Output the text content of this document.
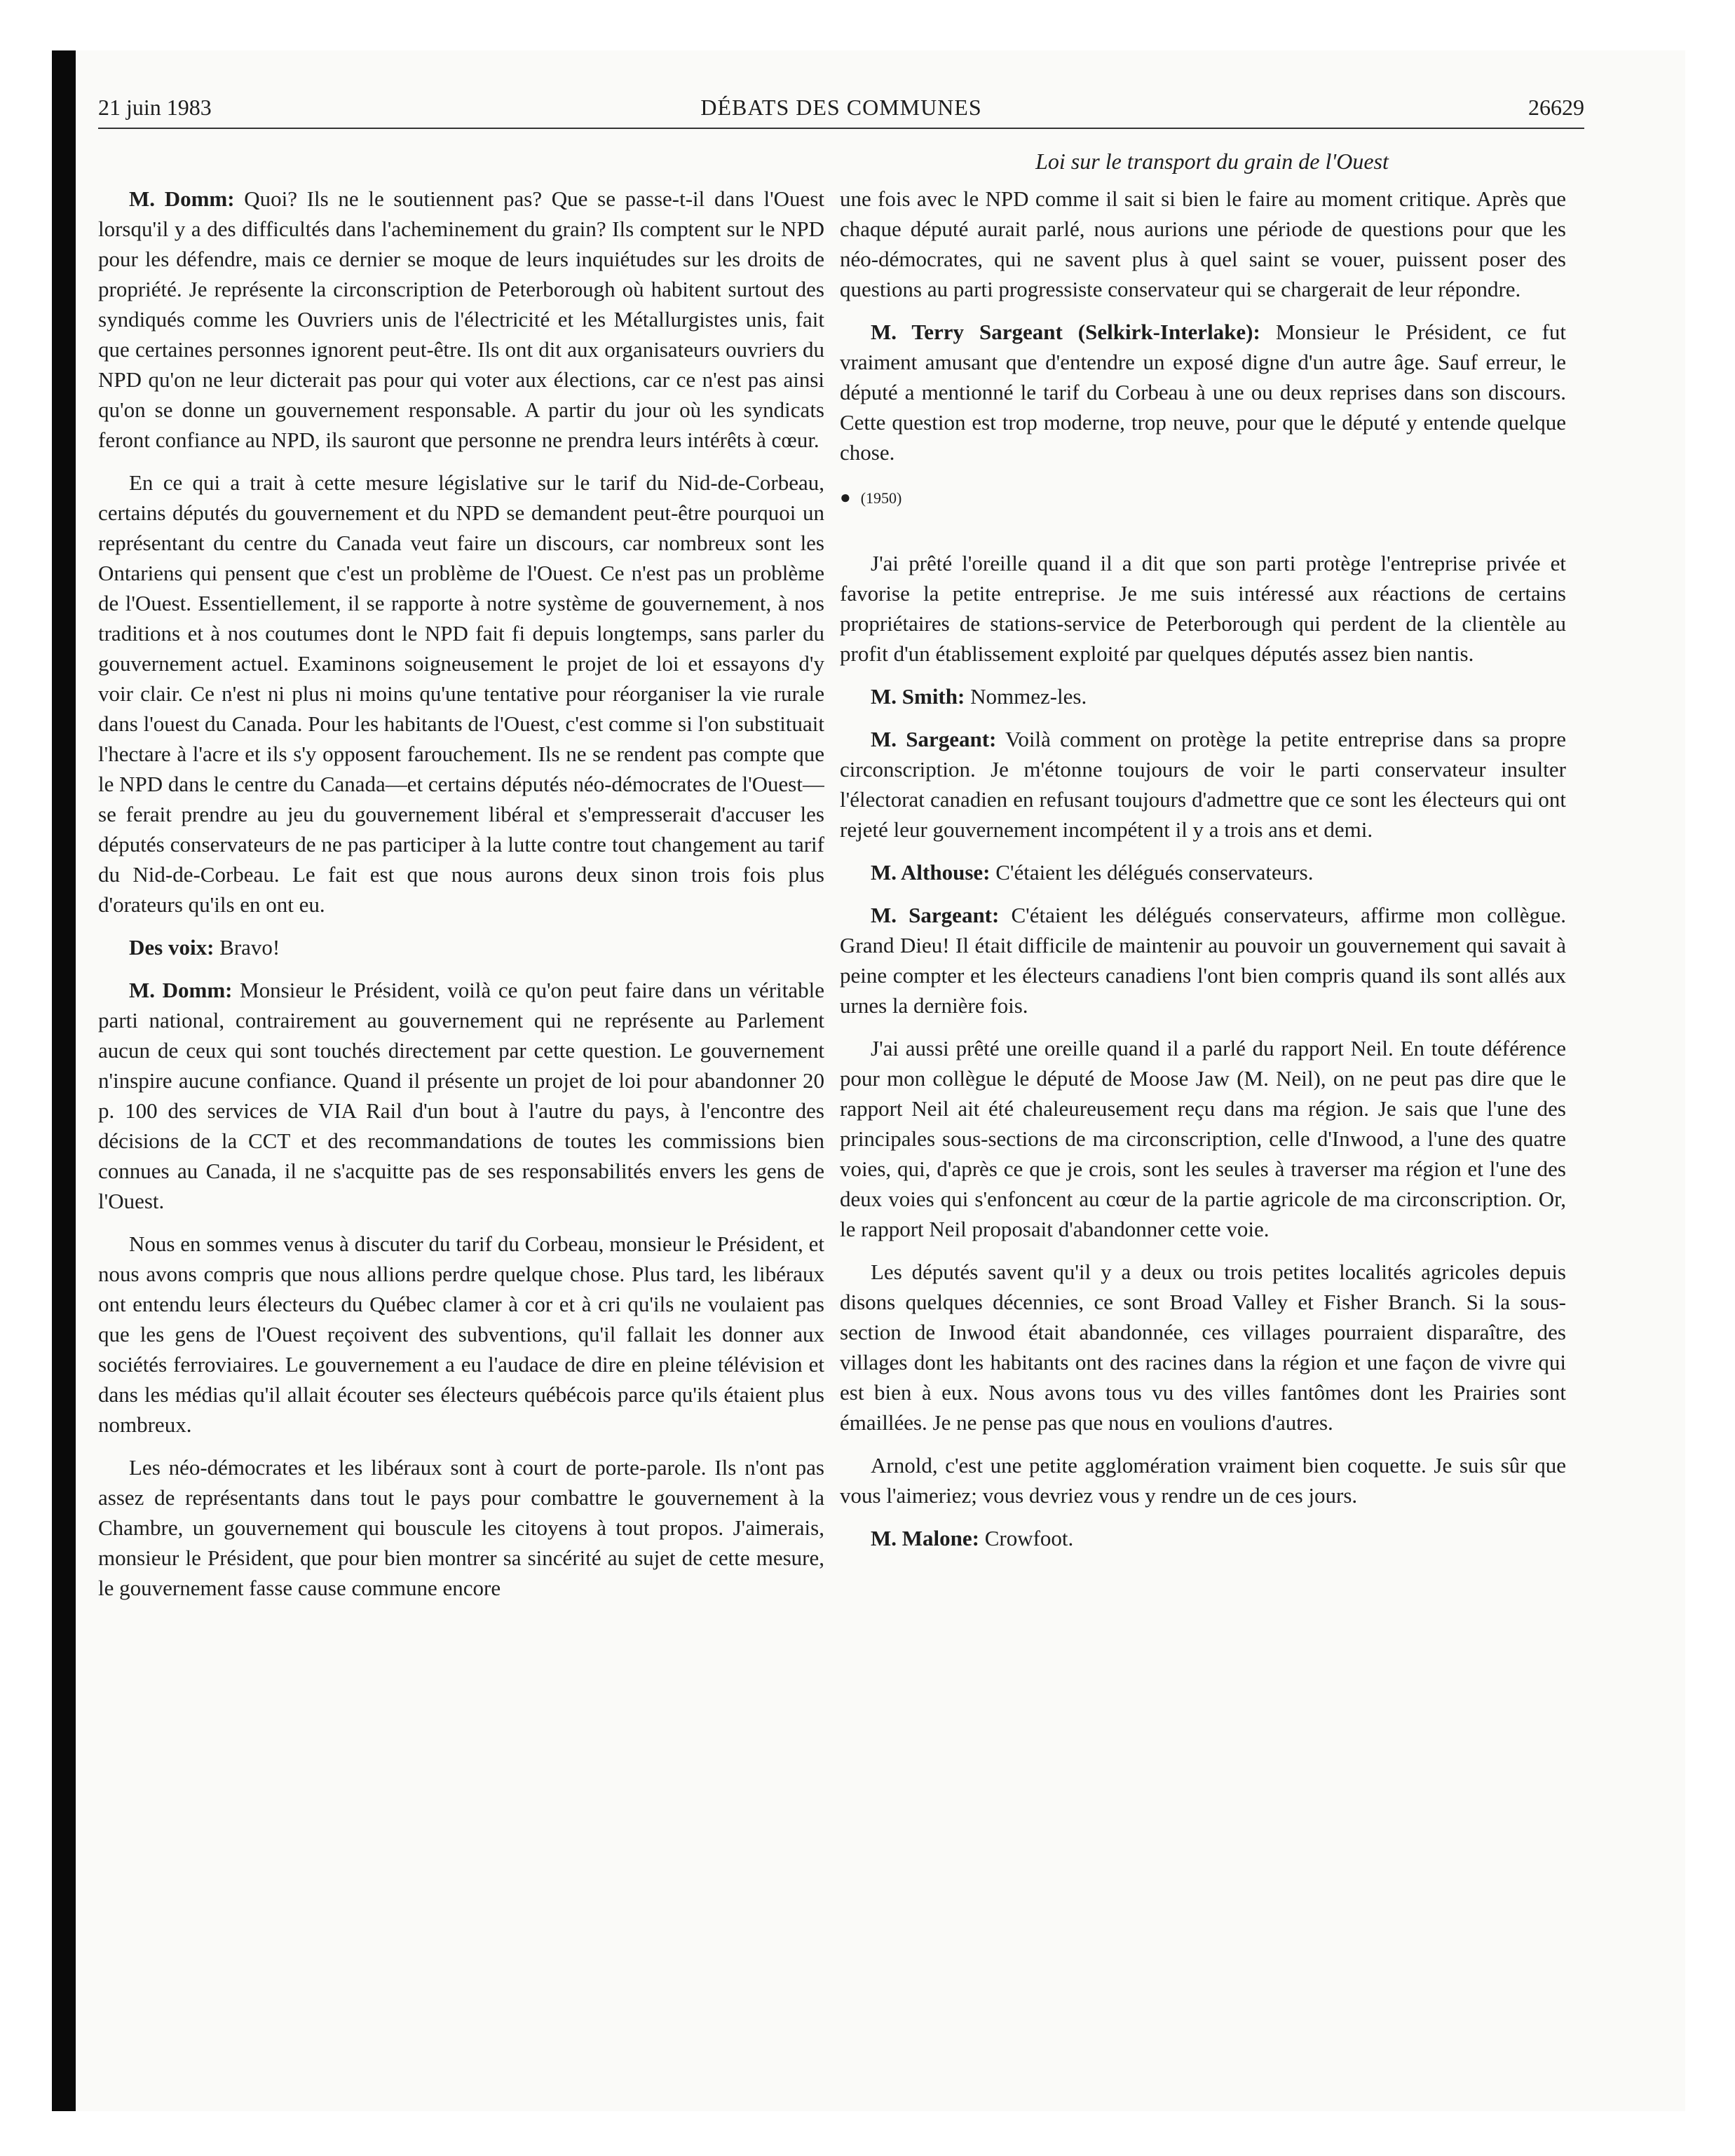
21 juin 1983	DÉBATS DES COMMUNES	26629
Loi sur le transport du grain de l'Ouest

M. Domm: Quoi? Ils ne le soutiennent pas? Que se passe-t-il dans l'Ouest lorsqu'il y a des difficultés dans l'acheminement du grain? Ils comptent sur le NPD pour les défendre, mais ce dernier se moque de leurs inquiétudes sur les droits de propriété. Je représente la circonscription de Peterborough où habitent surtout des syndiqués comme les Ouvriers unis de l'électricité et les Métallurgistes unis, fait que certaines personnes ignorent peut-être. Ils ont dit aux organisateurs ouvriers du NPD qu'on ne leur dicterait pas pour qui voter aux élections, car ce n'est pas ainsi qu'on se donne un gouvernement responsable. A partir du jour où les syndicats feront confiance au NPD, ils sauront que personne ne prendra leurs intérêts à cœur.

En ce qui a trait à cette mesure législative sur le tarif du Nid-de-Corbeau, certains députés du gouvernement et du NPD se demandent peut-être pourquoi un représentant du centre du Canada veut faire un discours, car nombreux sont les Ontariens qui pensent que c'est un problème de l'Ouest. Ce n'est pas un problème de l'Ouest. Essentiellement, il se rapporte à notre système de gouvernement, à nos traditions et à nos coutumes dont le NPD fait fi depuis longtemps, sans parler du gouvernement actuel. Examinons soigneusement le projet de loi et essayons d'y voir clair. Ce n'est ni plus ni moins qu'une tentative pour réorganiser la vie rurale dans l'ouest du Canada. Pour les habitants de l'Ouest, c'est comme si l'on substituait l'hectare à l'acre et ils s'y opposent farouchement. Ils ne se rendent pas compte que le NPD dans le centre du Canada—et certains députés néo-démocrates de l'Ouest—se ferait prendre au jeu du gouvernement libéral et s'empresserait d'accuser les députés conservateurs de ne pas participer à la lutte contre tout changement au tarif du Nid-de-Corbeau. Le fait est que nous aurons deux sinon trois fois plus d'orateurs qu'ils en ont eu.

Des voix: Bravo!

M. Domm: Monsieur le Président, voilà ce qu'on peut faire dans un véritable parti national, contrairement au gouvernement qui ne représente au Parlement aucun de ceux qui sont touchés directement par cette question. Le gouvernement n'inspire aucune confiance. Quand il présente un projet de loi pour abandonner 20 p. 100 des services de VIA Rail d'un bout à l'autre du pays, à l'encontre des décisions de la CCT et des recommandations de toutes les commissions bien connues au Canada, il ne s'acquitte pas de ses responsabilités envers les gens de l'Ouest.

Nous en sommes venus à discuter du tarif du Corbeau, monsieur le Président, et nous avons compris que nous allions perdre quelque chose. Plus tard, les libéraux ont entendu leurs électeurs du Québec clamer à cor et à cri qu'ils ne voulaient pas que les gens de l'Ouest reçoivent des subventions, qu'il fallait les donner aux sociétés ferroviaires. Le gouvernement a eu l'audace de dire en pleine télévision et dans les médias qu'il allait écouter ses électeurs québécois parce qu'ils étaient plus nombreux.

Les néo-démocrates et les libéraux sont à court de porte-parole. Ils n'ont pas assez de représentants dans tout le pays pour combattre le gouvernement à la Chambre, un gouvernement qui bouscule les citoyens à tout propos. J'aimerais, monsieur le Président, que pour bien montrer sa sincérité au sujet de cette mesure, le gouvernement fasse cause commune encore

une fois avec le NPD comme il sait si bien le faire au moment critique. Après que chaque député aurait parlé, nous aurions une période de questions pour que les néo-démocrates, qui ne savent plus à quel saint se vouer, puissent poser des questions au parti progressiste conservateur qui se chargerait de leur répondre.

M. Terry Sargeant (Selkirk-Interlake): Monsieur le Président, ce fut vraiment amusant que d'entendre un exposé digne d'un autre âge. Sauf erreur, le député a mentionné le tarif du Corbeau à une ou deux reprises dans son discours. Cette question est trop moderne, trop neuve, pour que le député y entende quelque chose.

● (1950)

J'ai prêté l'oreille quand il a dit que son parti protège l'entreprise privée et favorise la petite entreprise. Je me suis intéressé aux réactions de certains propriétaires de stations-service de Peterborough qui perdent de la clientèle au profit d'un établissement exploité par quelques députés assez bien nantis.

M. Smith: Nommez-les.

M. Sargeant: Voilà comment on protège la petite entreprise dans sa propre circonscription. Je m'étonne toujours de voir le parti conservateur insulter l'électorat canadien en refusant toujours d'admettre que ce sont les électeurs qui ont rejeté leur gouvernement incompétent il y a trois ans et demi.

M. Althouse: C'étaient les délégués conservateurs.

M. Sargeant: C'étaient les délégués conservateurs, affirme mon collègue. Grand Dieu! Il était difficile de maintenir au pouvoir un gouvernement qui savait à peine compter et les électeurs canadiens l'ont bien compris quand ils sont allés aux urnes la dernière fois.

J'ai aussi prêté une oreille quand il a parlé du rapport Neil. En toute déférence pour mon collègue le député de Moose Jaw (M. Neil), on ne peut pas dire que le rapport Neil ait été chaleureusement reçu dans ma région. Je sais que l'une des principales sous-sections de ma circonscription, celle d'Inwood, a l'une des quatre voies, qui, d'après ce que je crois, sont les seules à traverser ma région et l'une des deux voies qui s'enfoncent au cœur de la partie agricole de ma circonscription. Or, le rapport Neil proposait d'abandonner cette voie.

Les députés savent qu'il y a deux ou trois petites localités agricoles depuis disons quelques décennies, ce sont Broad Valley et Fisher Branch. Si la sous-section de Inwood était abandonnée, ces villages pourraient disparaître, des villages dont les habitants ont des racines dans la région et une façon de vivre qui est bien à eux. Nous avons tous vu des villes fantômes dont les Prairies sont émaillées. Je ne pense pas que nous en voulions d'autres.

Arnold, c'est une petite agglomération vraiment bien coquette. Je suis sûr que vous l'aimeriez; vous devriez vous y rendre un de ces jours.

M. Malone: Crowfoot.
